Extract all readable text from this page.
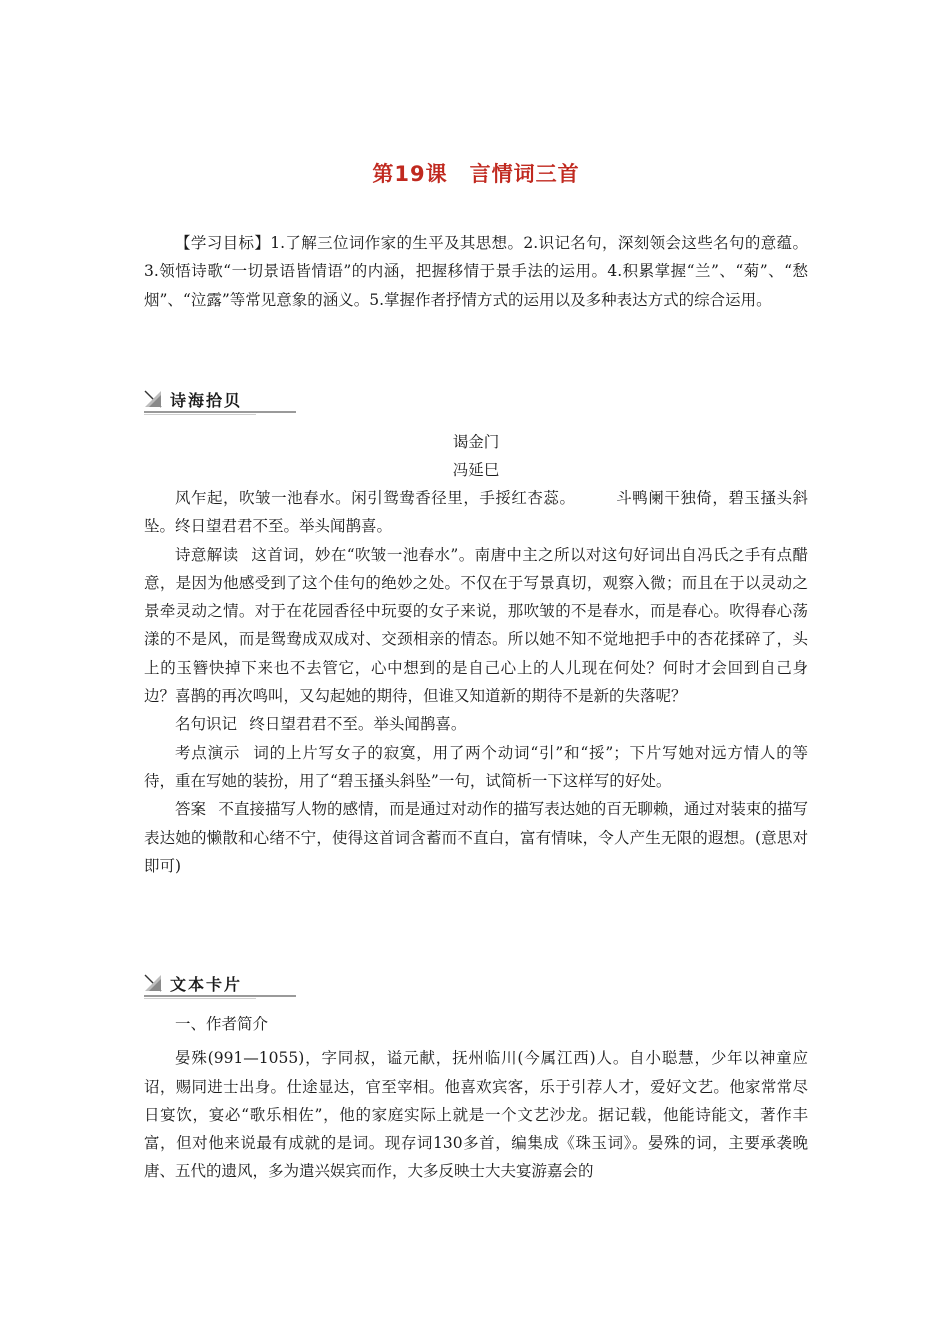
第19课　言情词三首

【学习目标】1.了解三位词作家的生平及其思想。2.识记名句，深刻领会这些名句的意蕴。3.领悟诗歌“一切景语皆情语”的内涵，把握移情于景手法的运用。4.积累掌握“兰”、“菊”、“愁烟”、“泣露”等常见意象的涵义。5.掌握作者抒情方式的运用以及多种表达方式的综合运用。

诗海拾贝

谒金门

冯延巳

风乍起，吹皱一池春水。闲引鸳鸯香径里，手挼红杏蕊。	斗鸭阑干独倚，碧玉搔头斜坠。终日望君君不至。举头闻鹊喜。

诗意解读 这首词，妙在“吹皱一池春水”。南唐中主之所以对这句好词出自冯氏之手有点醋意，是因为他感受到了这个佳句的绝妙之处。不仅在于写景真切，观察入微；而且在于以灵动之景牵灵动之情。对于在花园香径中玩耍的女子来说，那吹皱的不是春水，而是春心。吹得春心荡漾的不是风，而是鸳鸯成双成对、交颈相亲的情态。所以她不知不觉地把手中的杏花揉碎了，头上的玉簪快掉下来也不去管它，心中想到的是自己心上的人儿现在何处？何时才会回到自己身边？喜鹊的再次鸣叫，又勾起她的期待，但谁又知道新的期待不是新的失落呢？

名句识记 终日望君君不至。举头闻鹊喜。

考点演示 词的上片写女子的寂寞，用了两个动词“引”和“挼”；下片写她对远方情人的等待，重在写她的装扮，用了“碧玉搔头斜坠”一句，试简析一下这样写的好处。

答案 不直接描写人物的感情，而是通过对动作的描写表达她的百无聊赖，通过对装束的描写表达她的懒散和心绪不宁，使得这首词含蓄而不直白，富有情味，令人产生无限的遐想。(意思对即可)

文本卡片

一、作者简介

晏殊(991—1055)，字同叔，谥元献，抚州临川(今属江西)人。自小聪慧，少年以神童应诏，赐同进士出身。仕途显达，官至宰相。他喜欢宾客，乐于引荐人才，爱好文艺。他家常常尽日宴饮，宴必“歌乐相佐”，他的家庭实际上就是一个文艺沙龙。据记载，他能诗能文，著作丰富，但对他来说最有成就的是词。现存词130多首，编集成《珠玉词》。晏殊的词，主要承袭晚唐、五代的遗风，多为遣兴娱宾而作，大多反映士大夫宴游嘉会的
